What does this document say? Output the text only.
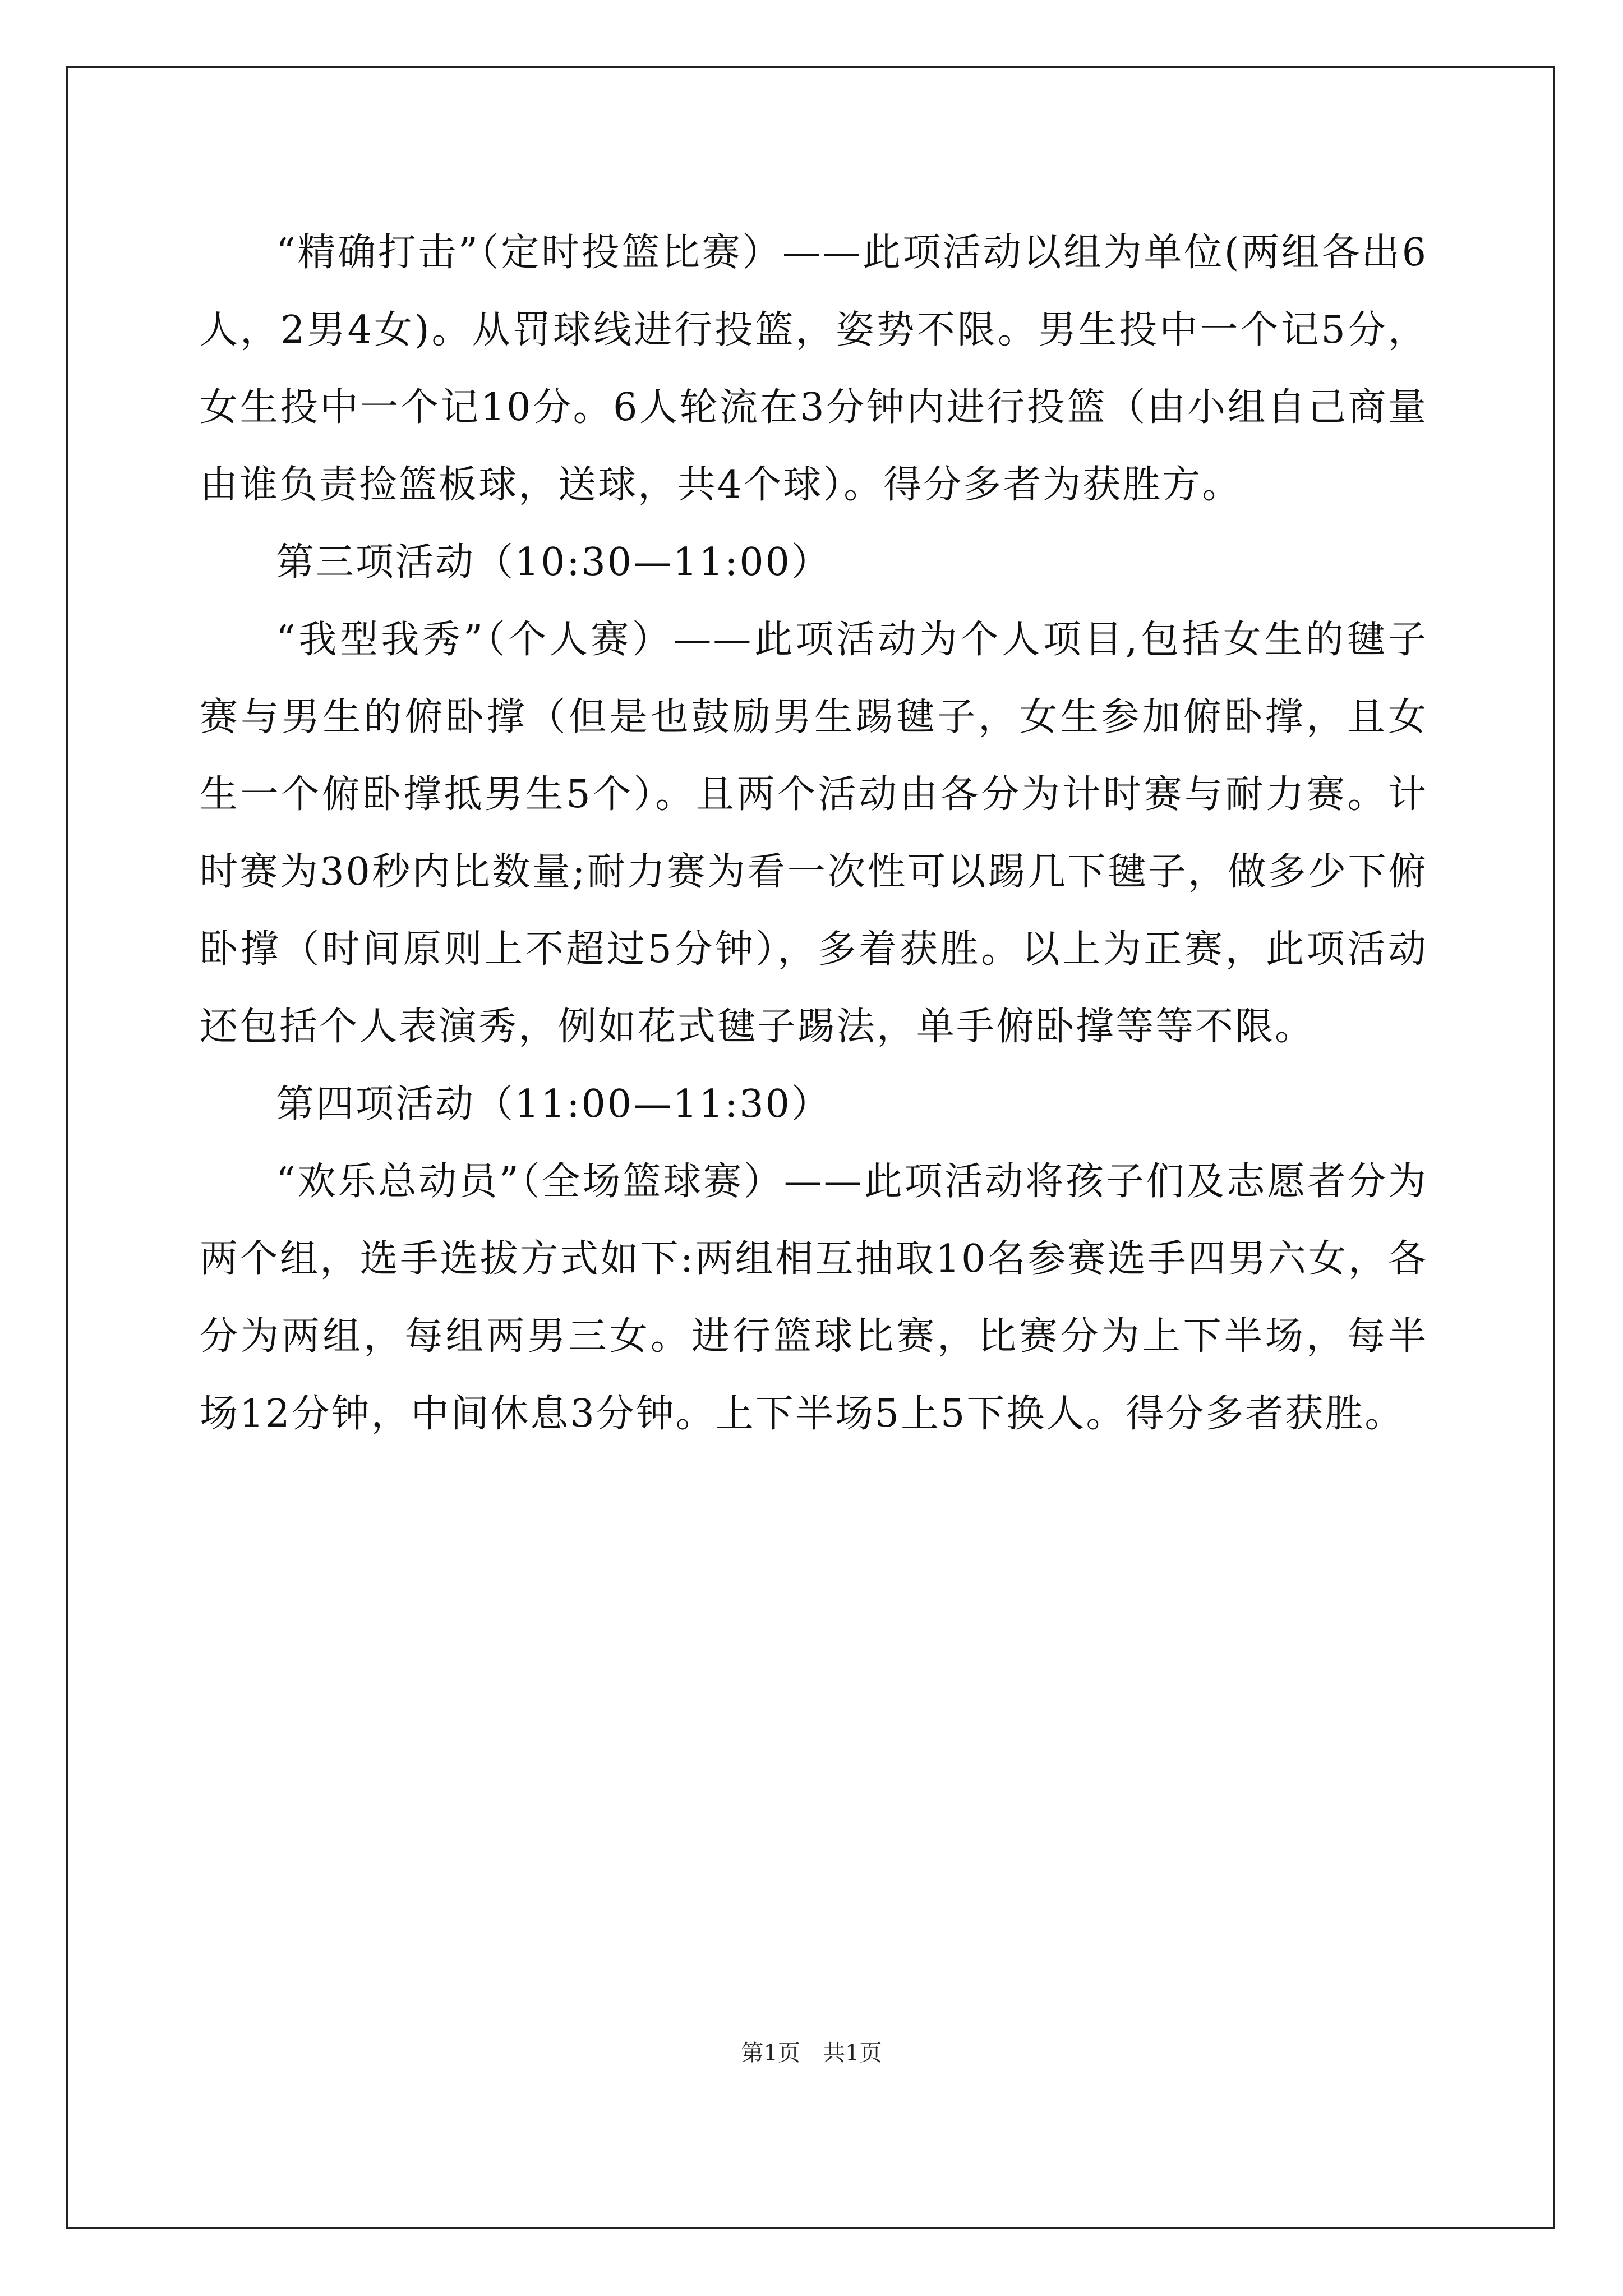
“精确打击”（定时投篮比赛）——此项活动以组为单位(两组各出6人，2男4女)。从罚球线进行投篮，姿势不限。男生投中一个记5分，女生投中一个记10分。6人轮流在3分钟内进行投篮（由小组自己商量由谁负责捡篮板球，送球，共4个球）。得分多者为获胜方。

第三项活动（10:30—11:00）

“我型我秀”（个人赛）——此项活动为个人项目,包括女生的毽子赛与男生的俯卧撑（但是也鼓励男生踢毽子，女生参加俯卧撑，且女生一个俯卧撑抵男生5个）。且两个活动由各分为计时赛与耐力赛。计时赛为30秒内比数量;耐力赛为看一次性可以踢几下毽子，做多少下俯卧撑（时间原则上不超过5分钟），多着获胜。以上为正赛，此项活动还包括个人表演秀，例如花式毽子踢法，单手俯卧撑等等不限。

第四项活动（11:00—11:30）

“欢乐总动员”（全场篮球赛）——此项活动将孩子们及志愿者分为两个组，选手选拔方式如下:两组相互抽取10名参赛选手四男六女，各分为两组，每组两男三女。进行篮球比赛，比赛分为上下半场，每半场12分钟，中间休息3分钟。上下半场5上5下换人。得分多者获胜。

第1页 共1页
